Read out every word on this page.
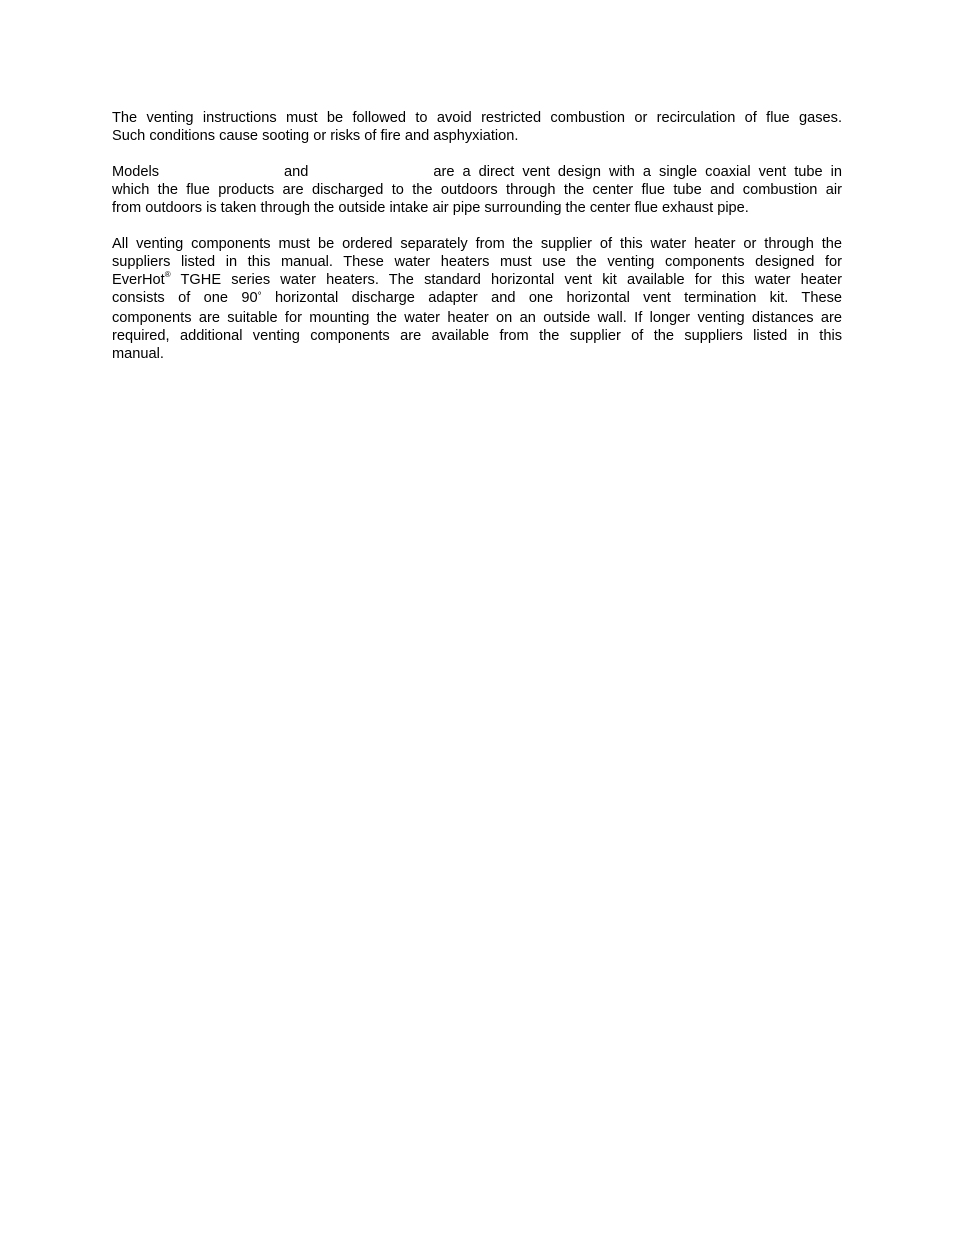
The venting instructions must be followed to avoid restricted combustion or recirculation of flue gases.
Such conditions cause sooting or risks of fire and asphyxiation.

Models	and	are a direct vent design with a single coaxial vent tube in
which the flue products are discharged to the outdoors through the center flue tube and combustion air
from outdoors is taken through the outside intake air pipe surrounding the center flue exhaust pipe.

All venting components must be ordered separately from the supplier of this water heater or through the
suppliers listed in this manual. These water heaters must use the venting components designed for
EverHot® TGHE series water heaters. The standard horizontal vent kit available for this water heater
consists of one 90° horizontal discharge adapter and one horizontal vent termination kit. These
components are suitable for mounting the water heater on an outside wall. If longer venting distances are
required, additional venting components are available from the supplier of the suppliers listed in this
manual.
